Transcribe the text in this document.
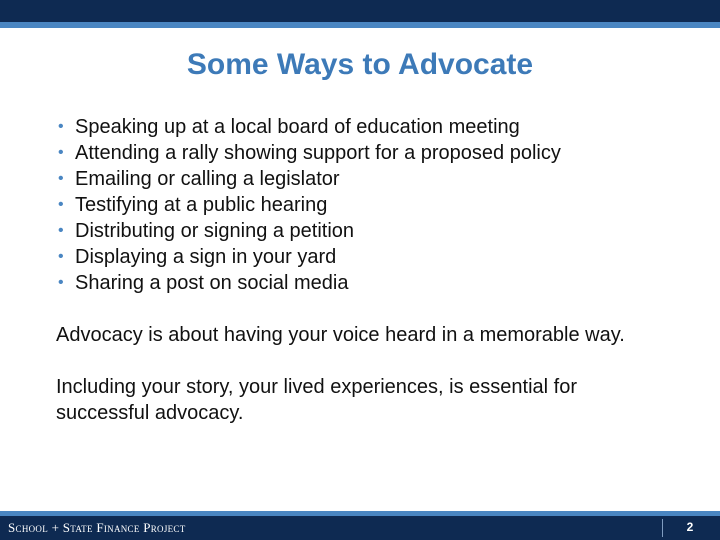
Some Ways to Advocate
• Speaking up at a local board of education meeting
• Attending a rally showing support for a proposed policy
• Emailing or calling a legislator
• Testifying at a public hearing
• Distributing or signing a petition
• Displaying a sign in your yard
• Sharing a post on social media

Advocacy is about having your voice heard in a memorable way.

Including your story, your lived experiences, is essential for successful advocacy.

School + State Finance Project	2
